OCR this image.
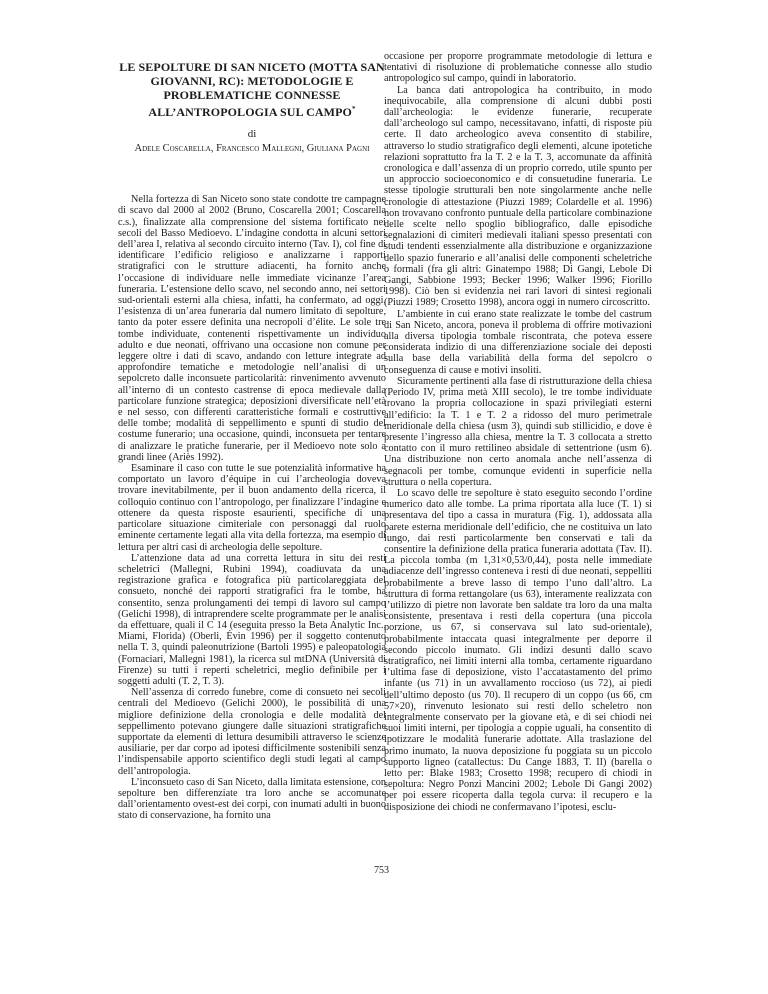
LE SEPOLTURE DI SAN NICETO (MOTTA SAN GIOVANNI, RC): METODOLOGIE E PROBLEMATICHE CONNESSE ALL’ANTROPOLOGIA SUL CAMPO*
di
Adele Coscarella, Francesco Mallegni, Giuliana Pagni

Nella fortezza di San Niceto sono state condotte tre campagne di scavo dal 2000 al 2002 (Bruno, Coscarella 2001; Coscarella c.s.), finalizzate alla comprensione del sistema fortificato nei secoli del Basso Medioevo. L’indagine condotta in alcuni settori dell’area I, relativa al secondo circuito interno (Tav. I), col fine di identificare l’edificio religioso e analizzarne i rapporti stratigrafici con le strutture adiacenti, ha fornito anche l’occasione di individuare nelle immediate vicinanze l’area funeraria. L’estensione dello scavo, nel secondo anno, nei settori sud-orientali esterni alla chiesa, infatti, ha confermato, ad oggi, l’esistenza di un’area funeraria dal numero limitato di sepolture, tanto da poter essere definita una necropoli d’élite. Le sole tre tombe individuate, contenenti rispettivamente un individuo adulto e due neonati, offrivano una occasione non comune per leggere oltre i dati di scavo, andando con letture integrate ad approfondire tematiche e metodologie nell’analisi di un sepolcreto dalle inconsuete particolarità: rinvenimento avvenuto all’interno di un contesto castrense di epoca medievale dalla particolare funzione strategica; deposizioni diversificate nell’età e nel sesso, con differenti caratteristiche formali e costruttive delle tombe; modalità di seppellimento e spunti di studio del costume funerario; una occasione, quindi, inconsueta per tentare di analizzare le pratiche funerarie, per il Medioevo note solo a grandi linee (Ariès 1992).

Esaminare il caso con tutte le sue potenzialità informative ha comportato un lavoro d’équipe in cui l’archeologia doveva trovare inevitabilmente, per il buon andamento della ricerca, il colloquio continuo con l’antropologo, per finalizzare l’indagine e ottenere da questa risposte esaurienti, specifiche di una particolare situazione cimiteriale con personaggi dal ruolo eminente certamente legati alla vita della fortezza, ma esempio di lettura per altri casi di archeologia delle sepolture.

L’attenzione data ad una corretta lettura in situ dei resti scheletrici (Mallegni, Rubini 1994), coadiuvata da una registrazione grafica e fotografica più particolareggiata del consueto, nonché dei rapporti stratigrafici fra le tombe, ha consentito, senza prolungamenti dei tempi di lavoro sul campo (Gelichi 1998), di intraprendere scelte programmate per le analisi da effettuare, quali il C 14 (eseguita presso la Beta Analytic Inc., Miami, Florida) (Oberli, Évin 1996) per il soggetto contenuto nella T. 3, quindi paleonutrizione (Bartoli 1995) e paleopatologia (Fornaciari, Mallegni 1981), la ricerca sul mtDNA (Università di Firenze) su tutti i reperti scheletrici, meglio definibile per i soggetti adulti (T. 2, T. 3).

Nell’assenza di corredo funebre, come di consueto nei secoli centrali del Medioevo (Gelichi 2000), le possibilità di una migliore definizione della cronologia e delle modalità del seppellimento potevano giungere dalle situazioni stratigrafiche supportate da elementi di lettura desumibili attraverso le scienze ausiliarie, per dar corpo ad ipotesi difficilmente sostenibili senza l’indispensabile apporto scientifico degli studi legati al campo dell’antropologia.

L’inconsueto caso di San Niceto, dalla limitata estensione, con sepolture ben differenziate tra loro anche se accomunate dall’orientamento ovest-est dei corpi, con inumati adulti in buono stato di conservazione, ha fornito una

occasione per proporre programmate metodologie di lettura e tentativi di risoluzione di problematiche connesse allo studio antropologico sul campo, quindi in laboratorio.

La banca dati antropologica ha contribuito, in modo inequivocabile, alla comprensione di alcuni dubbi posti dall’archeologia: le evidenze funerarie, recuperate dall’archeologo sul campo, necessitavano, infatti, di risposte più certe. Il dato archeologico aveva consentito di stabilire, attraverso lo studio stratigrafico degli elementi, alcune ipotetiche relazioni soprattutto fra la T. 2 e la T. 3, accomunate da affinità cronologica e dall’assenza di un proprio corredo, utile spunto per un approccio socioeconomico e di consuetudine funeraria. Le stesse tipologie strutturali ben note singolarmente anche nelle cronologie di attestazione (Piuzzi 1989; Colardelle et al. 1996) non trovavano confronto puntuale della particolare combinazione delle scelte nello spoglio bibliografico, dalle episodiche segnalazioni di cimiteri medievali italiani spesso presentati con studi tendenti essenzialmente alla distribuzione e organizzazione dello spazio funerario e all’analisi delle componenti scheletriche o formali (fra gli altri: Ginatempo 1988; Di Gangi, Lebole Di Gangi, Sabbione 1993; Becker 1996; Walker 1996; Fiorillo 1998). Ciò ben si evidenzia nei rari lavori di sintesi regionali (Piuzzi 1989; Crosetto 1998), ancora oggi in numero circoscritto.

L’ambiente in cui erano state realizzate le tombe del castrum di San Niceto, ancora, poneva il problema di offrire motivazioni alla diversa tipologia tombale riscontrata, che poteva essere considerata indizio di una differenziazione sociale dei deposti sulla base della variabilità della forma del sepolcro o conseguenza di cause e motivi insoliti.

Sicuramente pertinenti alla fase di ristrutturazione della chiesa (Periodo IV, prima metà XIII secolo), le tre tombe individuate trovano la propria collocazione in spazi privilegiati esterni all’edificio: la T. 1 e T. 2 a ridosso del muro perimetrale meridionale della chiesa (usm 3), quindi sub stillicidio, e dove è presente l’ingresso alla chiesa, mentre la T. 3 collocata a stretto contatto con il muro rettilineo absidale di settentrione (usm 6). Una distribuzione non certo anomala anche nell’assenza di segnacoli per tombe, comunque evidenti in superficie nella struttura o nella copertura.

Lo scavo delle tre sepolture è stato eseguito secondo l’ordine numerico dato alle tombe. La prima riportata alla luce (T. 1) si presentava del tipo a cassa in muratura (Fig. 1), addossata alla parete esterna meridionale dell’edificio, che ne costituiva un lato lungo, dai resti particolarmente ben conservati e tali da consentire la definizione della pratica funeraria adottata (Tav. II). La piccola tomba (m 1,31×0,53/0,44), posta nelle immediate adiacenze dell’ingresso conteneva i resti di due neonati, seppelliti probabilmente a breve lasso di tempo l’uno dall’altro. La struttura di forma rettangolare (us 63), interamente realizzata con l’utilizzo di pietre non lavorate ben saldate tra loro da una malta consistente, presentava i resti della copertura (una piccola porzione, us 67, si conservava sul lato sud-orientale), probabilmente intaccata quasi integralmente per deporre il secondo piccolo inumato. Gli indizi desunti dallo scavo stratigrafico, nei limiti interni alla tomba, certamente riguardano l’ultima fase di deposizione, visto l’accatastamento del primo infante (us 71) in un avvallamento roccioso (us 72), ai piedi dell’ultimo deposto (us 70). Il recupero di un coppo (us 66, cm 57×20), rinvenuto lesionato sui resti dello scheletro non integralmente conservato per la giovane età, e di sei chiodi nei suoi limiti interni, per tipologia a coppie uguali, ha consentito di ipotizzare le modalità funerarie adottate. Alla traslazione del primo inumato, la nuova deposizione fu poggiata su un piccolo supporto ligneo (catallectus: Du Cange 1883, T. II) (barella o letto per: Blake 1983; Crosetto 1998; recupero di chiodi in sepoltura: Negro Ponzi Mancini 2002; Lebole Di Gangi 2002) per poi essere ricoperta dalla tegola curva: il recupero e la disposizione dei chiodi ne confermavano l’ipotesi, esclu-

753
